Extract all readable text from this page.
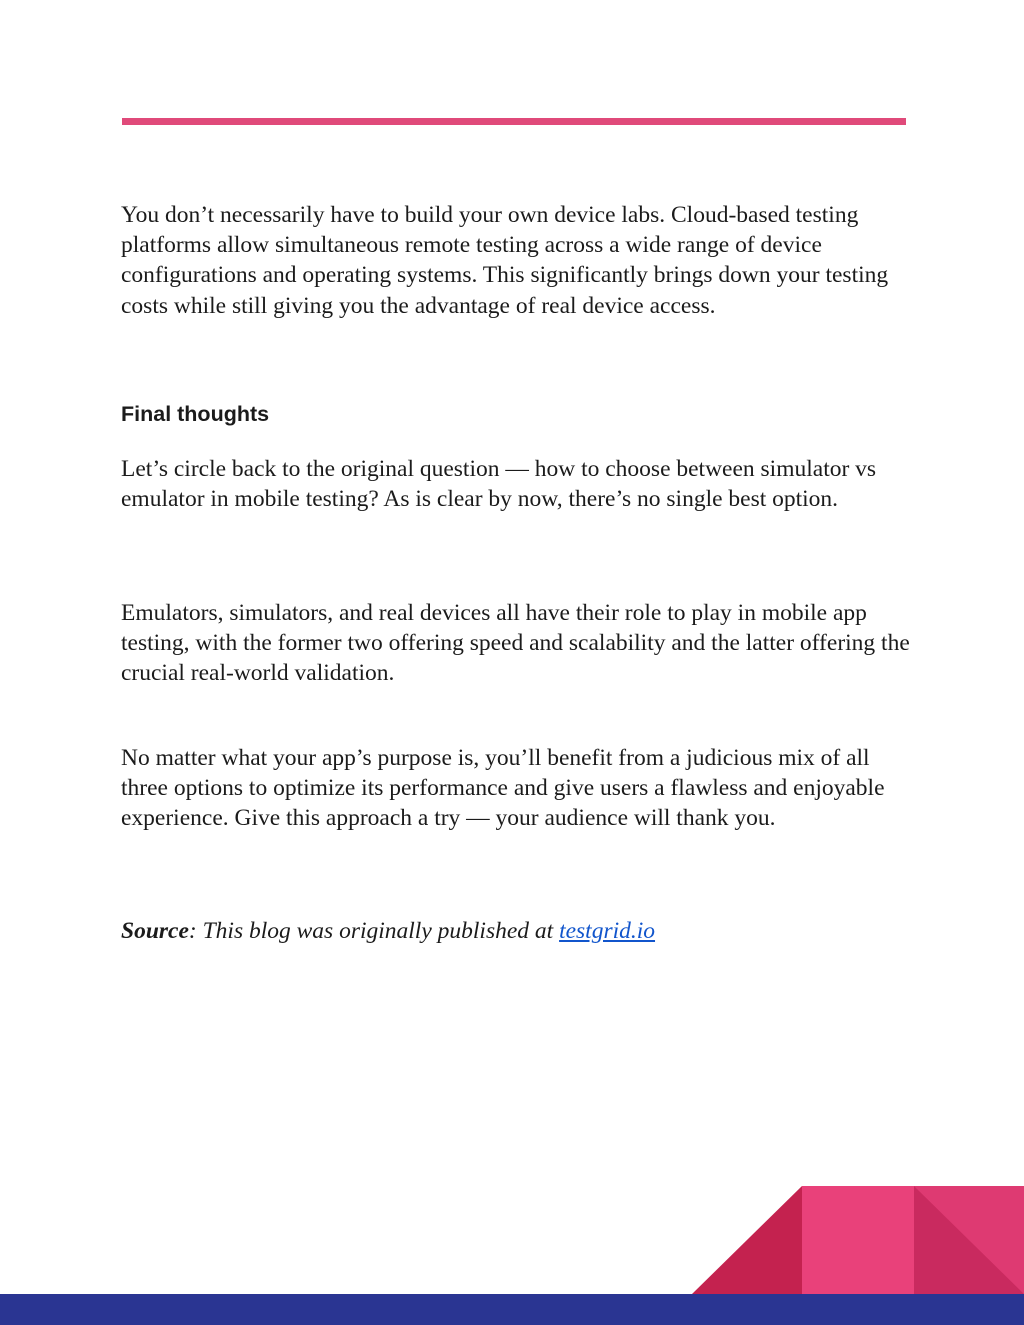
You don’t necessarily have to build your own device labs. Cloud-based testing platforms allow simultaneous remote testing across a wide range of device configurations and operating systems. This significantly brings down your testing costs while still giving you the advantage of real device access.

Final thoughts

Let’s circle back to the original question — how to choose between simulator vs emulator in mobile testing? As is clear by now, there’s no single best option.

Emulators, simulators, and real devices all have their role to play in mobile app testing, with the former two offering speed and scalability and the latter offering the crucial real-world validation.

No matter what your app’s purpose is, you’ll benefit from a judicious mix of all three options to optimize its performance and give users a flawless and enjoyable experience. Give this approach a try — your audience will thank you.

Source: This blog was originally published at testgrid.io
